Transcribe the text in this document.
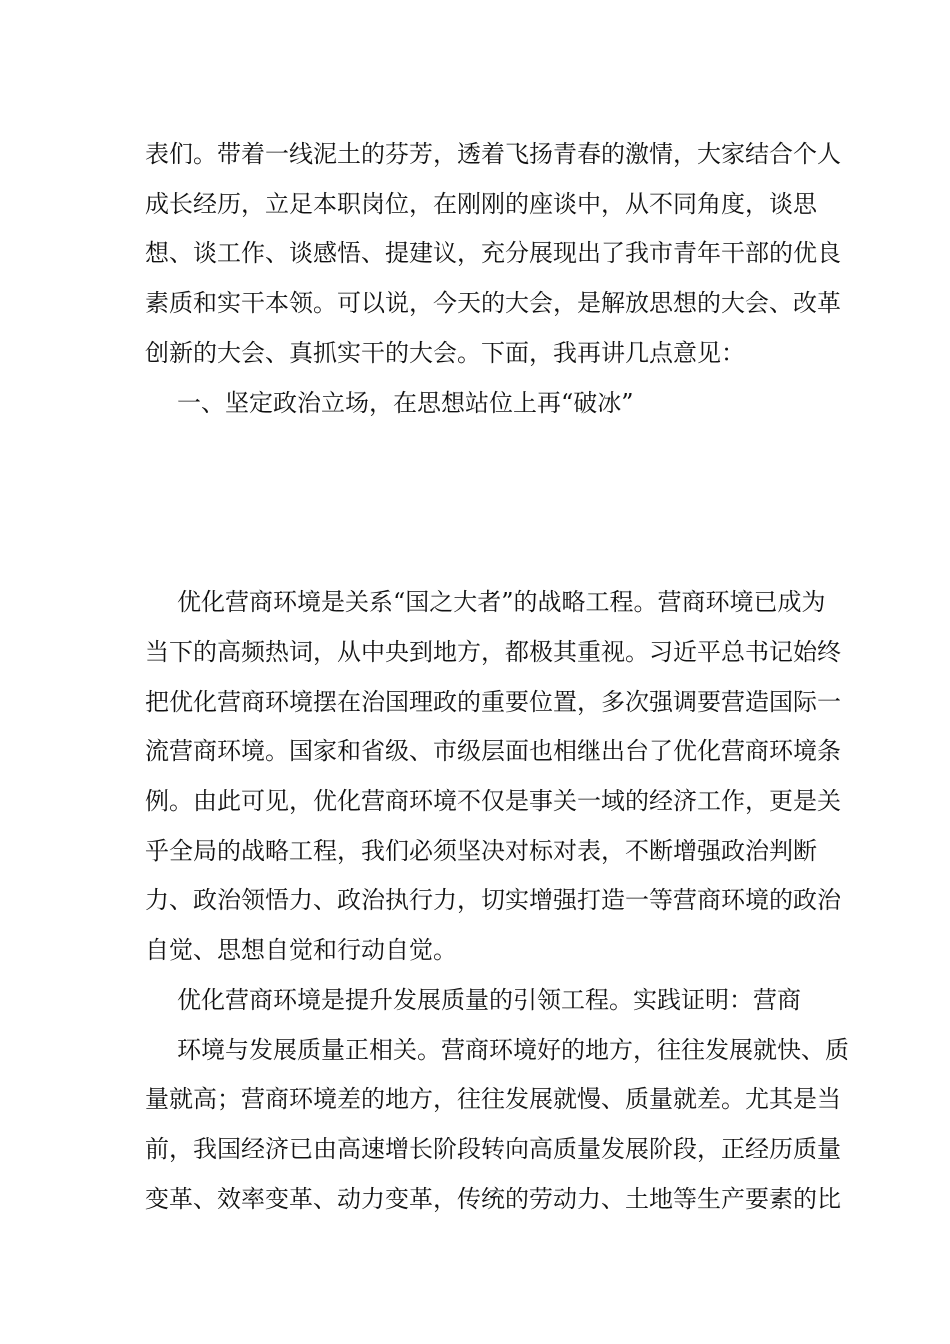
表们。带着一线泥土的芬芳，透着飞扬青春的激情，大家结合个人
成长经历，立足本职岗位，在刚刚的座谈中，从不同角度，谈思
想、谈工作、谈感悟、提建议，充分展现出了我市青年干部的优良
素质和实干本领。可以说，今天的大会，是解放思想的大会、改革
创新的大会、真抓实干的大会。下面，我再讲几点意见：
一、坚定政治立场，在思想站位上再“破冰”
优化营商环境是关系“国之大者”的战略工程。营商环境已成为
当下的高频热词，从中央到地方，都极其重视。习近平总书记始终
把优化营商环境摆在治国理政的重要位置，多次强调要营造国际一
流营商环境。国家和省级、市级层面也相继出台了优化营商环境条
例。由此可见，优化营商环境不仅是事关一域的经济工作，更是关
乎全局的战略工程，我们必须坚决对标对表，不断增强政治判断
力、政治领悟力、政治执行力，切实增强打造一等营商环境的政治
自觉、思想自觉和行动自觉。
优化营商环境是提升发展质量的引领工程。实践证明：营商
环境与发展质量正相关。营商环境好的地方，往往发展就快、质
量就高；营商环境差的地方，往往发展就慢、质量就差。尤其是当
前，我国经济已由高速增长阶段转向高质量发展阶段，正经历质量
变革、效率变革、动力变革，传统的劳动力、土地等生产要素的比
